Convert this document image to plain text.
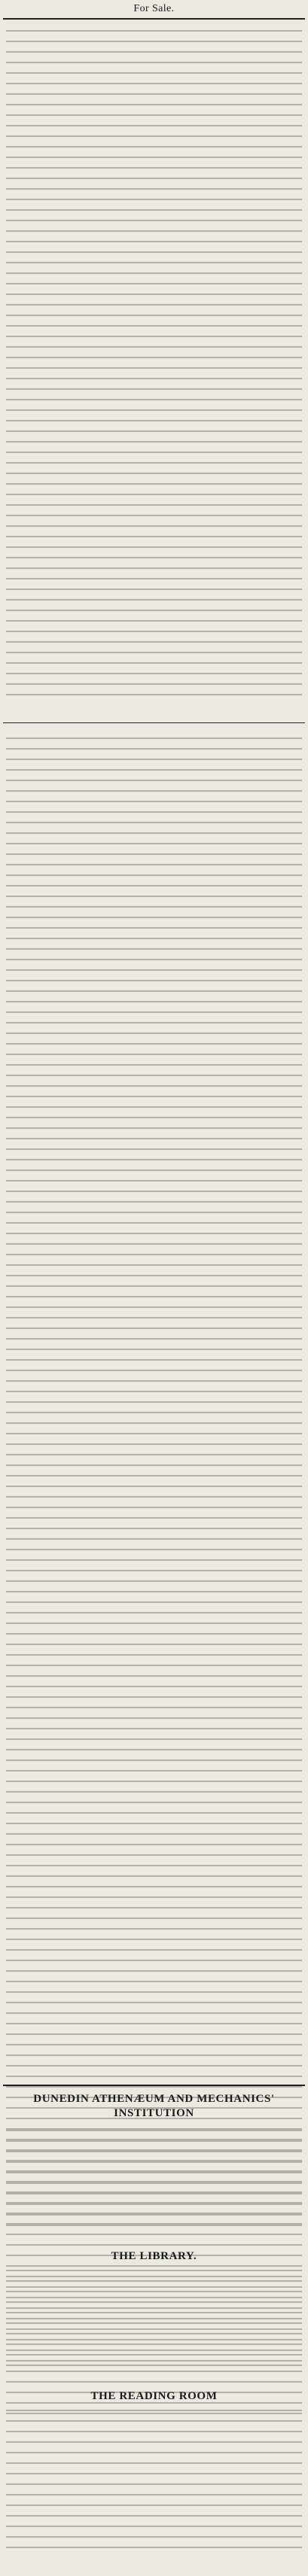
For Sale.
DUNEDIN ATHENÆUM AND MECHANICS' INSTITUTION
THE LIBRARY.
THE READING ROOM
